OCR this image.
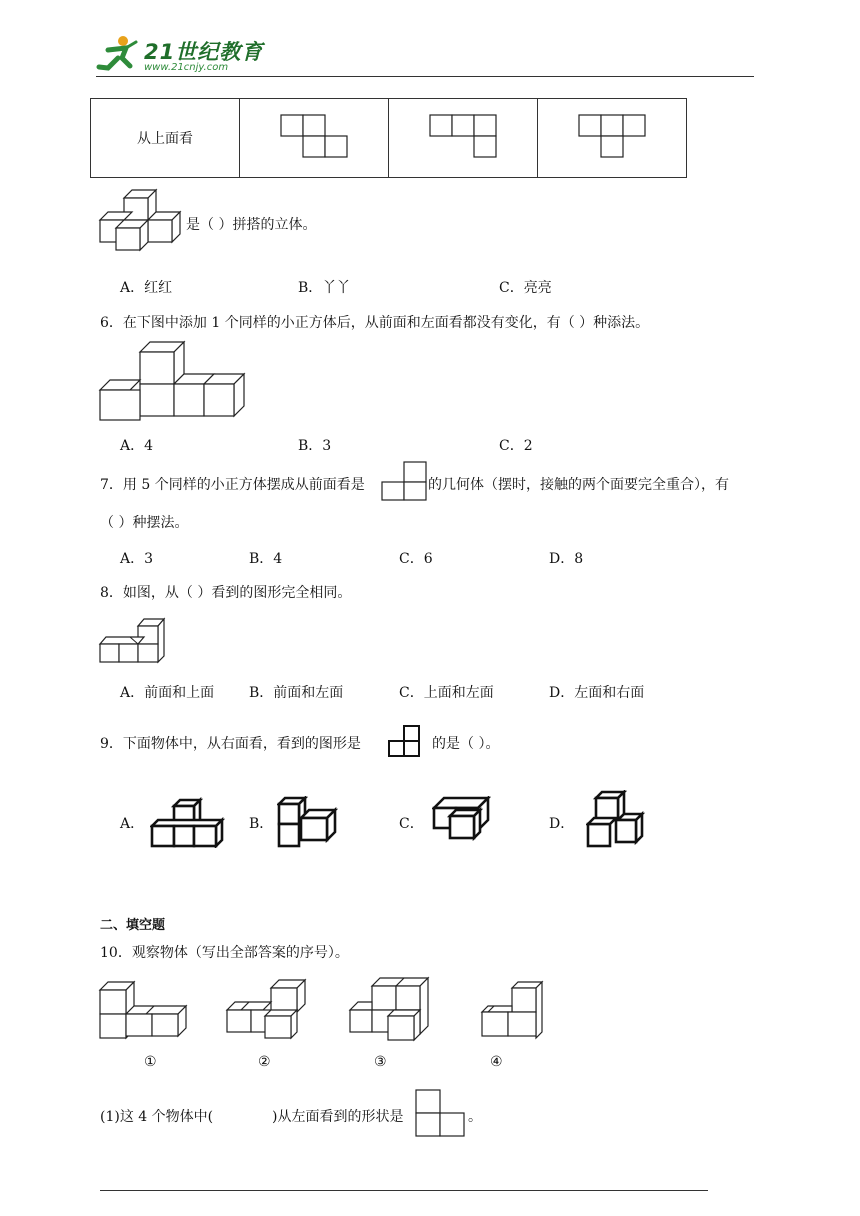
21世纪教育
www.21cnjy.com
从上面看			
是（ ）拼搭的立体。
A．红红	B．丫丫	C．亮亮
6．在下图中添加 1 个同样的小正方体后，从前面和左面看都没有变化，有（ ）种添法。
A．4	B．3	C．2
7．用 5 个同样的小正方体摆成从前面看是	的几何体（摆时，接触的两个面要完全重合），有
（ ）种摆法。
A．3	B．4	C．6	D．8
8．如图，从（ ）看到的图形完全相同。
A．前面和上面 B．前面和左面	C．上面和左面	D．左面和右面
9．下面物体中，从右面看，看到的图形是	的是（ ）。
A．	B．	C．	D．
二、填空题
10．观察物体（写出全部答案的序号）。
①	②	③	④
(1)这 4 个物体中(	)从左面看到的形状是	。
